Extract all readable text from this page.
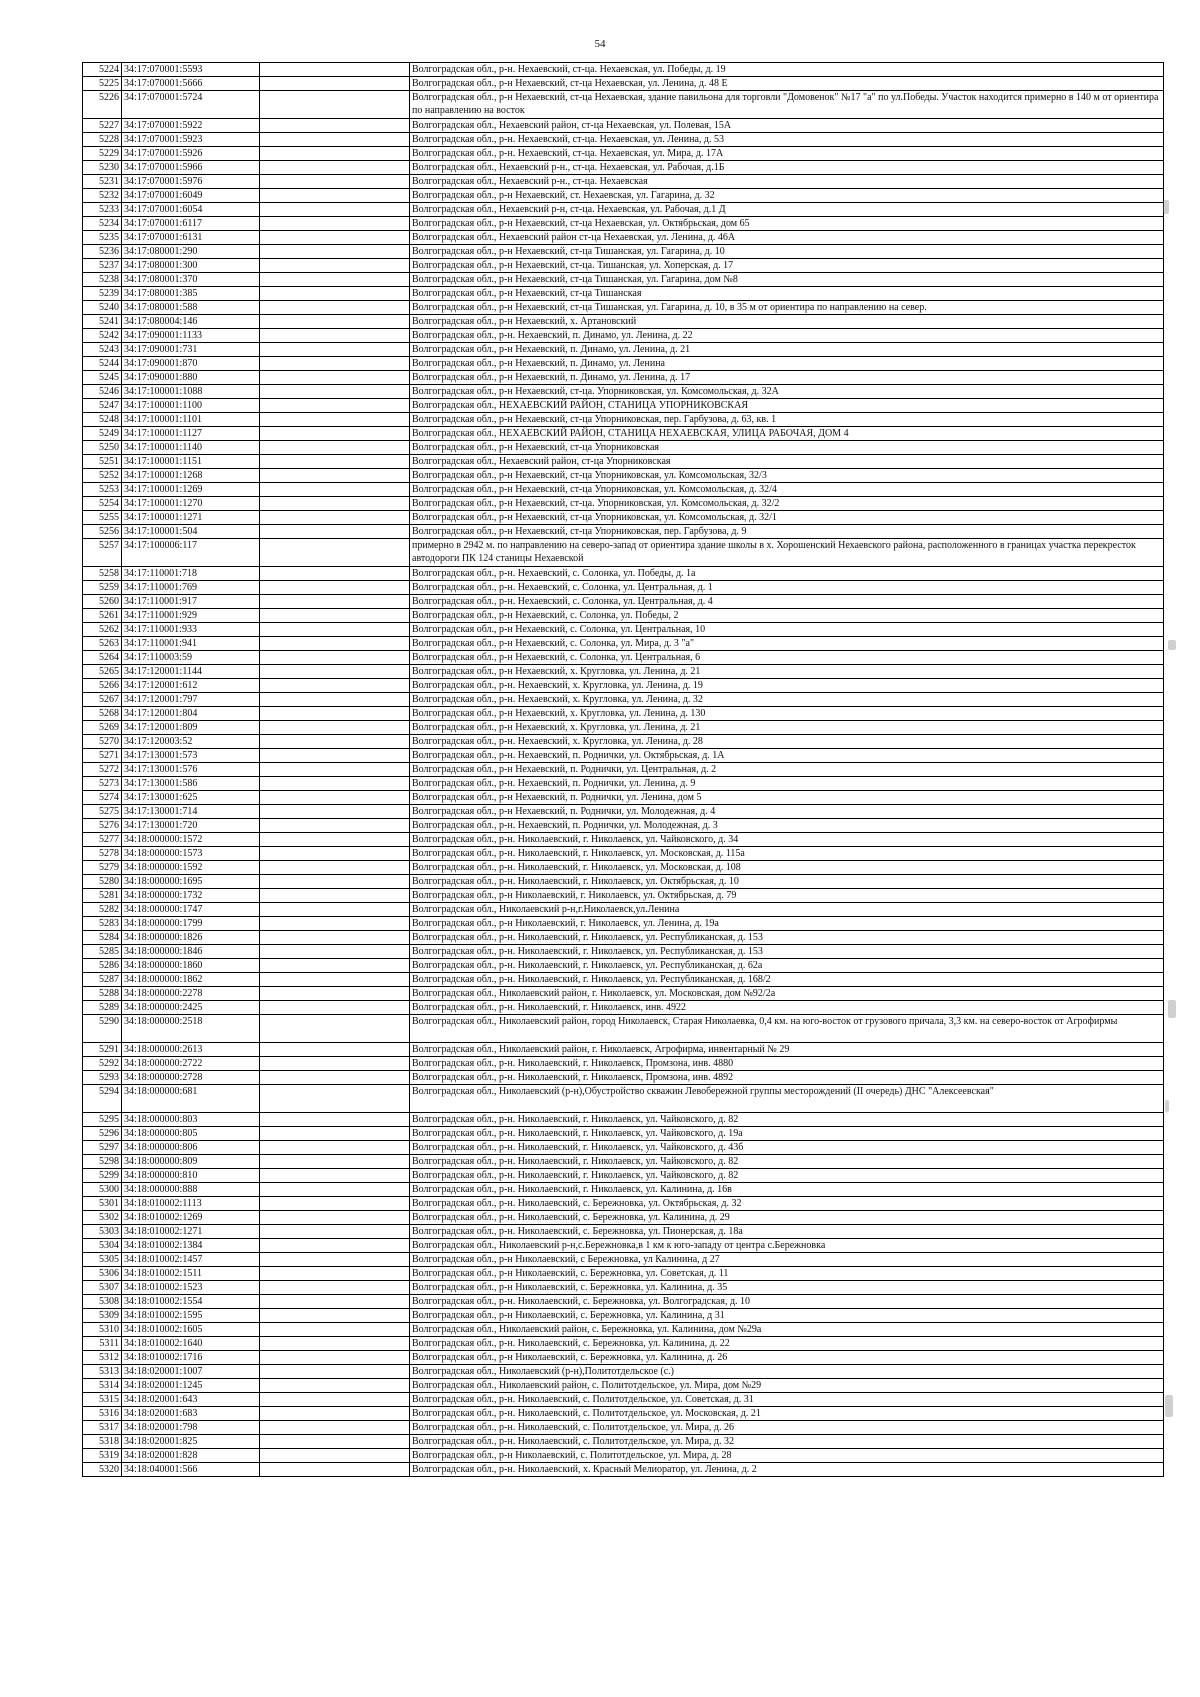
54
5224	34:17:070001:5593		Волгоградская обл., р-н. Нехаевский, ст-ца. Нехаевская, ул. Победы, д. 19
5225	34:17:070001:5666		Волгоградская обл., р-н Нехаевский, ст-ца Нехаевская, ул. Ленина, д. 48 Е
5226	34:17:070001:5724		Волгоградская обл., р-н Нехаевский, ст-ца Нехаевская, здание павильона для торговли "Домовенок" №17 "а" по ул.Победы. Участок находится примерно в 140 м от ориентира по направлению на восток
5227	34:17:070001:5922		Волгоградская обл., Нехаевский район, ст-ца Нехаевская, ул. Полевая, 15А
5228	34:17:070001:5923		Волгоградская обл., р-н. Нехаевский, ст-ца. Нехаевская, ул. Ленина, д. 53
5229	34:17:070001:5926		Волгоградская обл., р-н. Нехаевский, ст-ца. Нехаевская, ул. Мира, д. 17А
5230	34:17:070001:5966		Волгоградская обл., Нехаевский р-н., ст-ца. Нехаевская, ул. Рабочая, д.1Б
5231	34:17:070001:5976		Волгоградская обл., Нехаевский р-н., ст-ца. Нехаевская
5232	34:17:070001:6049		Волгоградская обл., р-н Нехаевский, ст. Нехаевская, ул. Гагарина, д. 32
5233	34:17:070001:6054		Волгоградская обл., Нехаевский р-н, ст-ца. Нехаевская, ул. Рабочая, д.1 Д
5234	34:17:070001:6117		Волгоградская обл., р-н Нехаевский, ст-ца Нехаевская, ул. Октябрьская, дом 65
5235	34:17:070001:6131		Волгоградская обл., Нехаевский район ст-ца Нехаевская, ул. Ленина, д. 46А
5236	34:17:080001:290		Волгоградская обл., р-н Нехаевский, ст-ца Тишанская, ул. Гагарина, д. 10
5237	34:17:080001:300		Волгоградская обл., р-н Нехаевский, ст-ца. Тишанская, ул. Хоперская, д. 17
5238	34:17:080001:370		Волгоградская обл., р-н Нехаевский, ст-ца Тишанская, ул. Гагарина, дом №8
5239	34:17:080001:385		Волгоградская обл., р-н Нехаевский, ст-ца Тишанская
5240	34:17:080001:588		Волгоградская обл., р-н Нехаевский, ст-ца Тишанская, ул. Гагарина, д. 10, в 35 м от ориентира по направлению на север.
5241	34:17:080004:146		Волгоградская обл., р-н Нехаевский, х. Артановский
5242	34:17:090001:1133		Волгоградская обл., р-н. Нехаевский, п. Динамо, ул. Ленина, д. 22
5243	34:17:090001:731		Волгоградская обл., р-н Нехаевский, п. Динамо, ул. Ленина, д. 21
5244	34:17:090001:870		Волгоградская обл., р-н Нехаевский, п. Динамо, ул. Ленина
5245	34:17:090001:880		Волгоградская обл., р-н Нехаевский, п. Динамо, ул. Ленина, д. 17
5246	34:17:100001:1088		Волгоградская обл., р-н Нехаевский, ст-ца. Упорниковская, ул. Комсомольская, д. 32А
5247	34:17:100001:1100		Волгоградская обл., НЕХАЕВСКИЙ РАЙОН, СТАНИЦА УПОРНИКОВСКАЯ
5248	34:17:100001:1101		Волгоградская обл., р-н Нехаевский, ст-ца Упорниковская, пер. Гарбузова, д. 63, кв. 1
5249	34:17:100001:1127		Волгоградская обл., НЕХАЕВСКИЙ РАЙОН, СТАНИЦА НЕХАЕВСКАЯ, УЛИЦА РАБОЧАЯ, ДОМ 4
5250	34:17:100001:1140		Волгоградская обл., р-н Нехаевский, ст-ца Упорниковская
5251	34:17:100001:1151		Волгоградская обл., Нехаевский район, ст-ца Упорниковская
5252	34:17:100001:1268		Волгоградская обл., р-н Нехаевский, ст-ца Упорниковская, ул. Комсомольская, 32/3
5253	34:17:100001:1269		Волгоградская обл., р-н Нехаевский, ст-ца Упорниковская, ул. Комсомольская, д. 32/4
5254	34:17:100001:1270		Волгоградская обл., р-н Нехаевский, ст-ца. Упорниковская, ул. Комсомольская, д. 32/2
5255	34:17:100001:1271		Волгоградская обл., р-н Нехаевский, ст-ца Упорниковская, ул. Комсомольская, д. 32/1
5256	34:17:100001:504		Волгоградская обл., р-н Нехаевский, ст-ца Упорниковская, пер. Гарбузова, д. 9
5257	34:17:100006:117		примерно в 2942 м. по направлению на северо-запад от ориентира здание школы в х. Хорошенский Нехаевского района, расположенного в границах участка перекресток автодороги ПК 124 станицы Нехаевской
5258	34:17:110001:718		Волгоградская обл., р-н. Нехаевский, с. Солонка, ул. Победы, д. 1а
5259	34:17:110001:769		Волгоградская обл., р-н. Нехаевский, с. Солонка, ул. Центральная, д. 1
5260	34:17:110001:917		Волгоградская обл., р-н. Нехаевский, с. Солонка, ул. Центральная, д. 4
5261	34:17:110001:929		Волгоградская обл., р-н Нехаевский, с. Солонка, ул. Победы, 2
5262	34:17:110001:933		Волгоградская обл., р-н Нехаевский, с. Солонка, ул. Центральная, 10
5263	34:17:110001:941		Волгоградская обл., р-н Нехаевский, с. Солонка, ул. Мира, д. 3 "а"
5264	34:17:110003:59		Волгоградская обл., р-н Нехаевский, с. Солонка, ул. Центральная, 6
5265	34:17:120001:1144		Волгоградская обл., р-н Нехаевский, х. Кругловка, ул. Ленина, д. 21
5266	34:17:120001:612		Волгоградская обл., р-н. Нехаевский, х. Кругловка, ул. Ленина, д. 19
5267	34:17:120001:797		Волгоградская обл., р-н. Нехаевский, х. Кругловка, ул. Ленина, д. 32
5268	34:17:120001:804		Волгоградская обл., р-н Нехаевский, х. Кругловка, ул. Ленина, д. 130
5269	34:17:120001:809		Волгоградская обл., р-н Нехаевский, х. Кругловка, ул. Ленина, д. 21
5270	34:17:120003:52		Волгоградская обл., р-н. Нехаевский, х. Кругловка, ул. Ленина, д. 28
5271	34:17:130001:573		Волгоградская обл., р-н. Нехаевский, п. Роднички, ул. Октябрьская, д. 1А
5272	34:17:130001:576		Волгоградская обл., р-н Нехаевский, п. Роднички, ул. Центральная, д. 2
5273	34:17:130001:586		Волгоградская обл., р-н. Нехаевский, п. Роднички, ул. Ленина, д. 9
5274	34:17:130001:625		Волгоградская обл., р-н Нехаевский, п. Роднички, ул. Ленина, дом 5
5275	34:17:130001:714		Волгоградская обл., р-н Нехаевский, п. Роднички, ул. Молодежная, д. 4
5276	34:17:130001:720		Волгоградская обл., р-н. Нехаевский, п. Роднички, ул. Молодежная, д. 3
5277	34:18:000000:1572		Волгоградская обл., р-н. Николаевский, г. Николаевск, ул. Чайковского, д. 34
5278	34:18:000000:1573		Волгоградская обл., р-н. Николаевский, г. Николаевск, ул. Московская, д. 115а
5279	34:18:000000:1592		Волгоградская обл., р-н. Николаевский, г. Николаевск, ул. Московская, д. 108
5280	34:18:000000:1695		Волгоградская обл., р-н. Николаевский, г. Николаевск, ул. Октябрьская, д. 10
5281	34:18:000000:1732		Волгоградская обл., р-н Николаевский, г. Николаевск, ул. Октябрьская, д. 79
5282	34:18:000000:1747		Волгоградская обл., Николаевский р-н,г.Николаевск,ул.Ленина
5283	34:18:000000:1799		Волгоградская обл., р-н Николаевский, г. Николаевск, ул. Ленина, д. 19а
5284	34:18:000000:1826		Волгоградская обл., р-н. Николаевский, г. Николаевск, ул. Республиканская, д. 153
5285	34:18:000000:1846		Волгоградская обл., р-н. Николаевский, г. Николаевск, ул. Республиканская, д. 153
5286	34:18:000000:1860		Волгоградская обл., р-н. Николаевский, г. Николаевск, ул. Республиканская, д. 62а
5287	34:18:000000:1862		Волгоградская обл., р-н. Николаевский, г. Николаевск, ул. Республиканская, д. 168/2
5288	34:18:000000:2278		Волгоградская обл., Николаевский район, г. Николаевск, ул. Московская, дом №92/2а
5289	34:18:000000:2425		Волгоградская обл., р-н. Николаевский, г. Николаевск, инв. 4922
5290	34:18:000000:2518		Волгоградская обл., Николаевский район, город Николаевск, Старая Николаевка, 0,4 км. на юго-восток от грузового причала, 3,3 км. на северо-восток от Агрофирмы
5291	34:18:000000:2613		Волгоградская обл., Николаевский район, г. Николаевск, Агрофирма, инвентарный № 29
5292	34:18:000000:2722		Волгоградская обл., р-н. Николаевский, г. Николаевск, Промзона, инв. 4880
5293	34:18:000000:2728		Волгоградская обл., р-н. Николаевский, г. Николаевск, Промзона, инв. 4892
5294	34:18:000000:681		Волгоградская обл., Николаевский (р-н),Обустройство скважин Левобережной группы месторождений (II очередь) ДНС "Алексеевская"
5295	34:18:000000:803		Волгоградская обл., р-н. Николаевский, г. Николаевск, ул. Чайковского, д. 82
5296	34:18:000000:805		Волгоградская обл., р-н. Николаевский, г. Николаевск, ул. Чайковского, д. 19а
5297	34:18:000000:806		Волгоградская обл., р-н. Николаевский, г. Николаевск, ул. Чайковского, д. 43б
5298	34:18:000000:809		Волгоградская обл., р-н. Николаевский, г. Николаевск, ул. Чайковского, д. 82
5299	34:18:000000:810		Волгоградская обл., р-н. Николаевский, г. Николаевск, ул. Чайковского, д. 82
5300	34:18:000000:888		Волгоградская обл., р-н. Николаевский, г. Николаевск, ул. Калинина, д. 16в
5301	34:18:010002:1113		Волгоградская обл., р-н. Николаевский, с. Бережновка, ул. Октябрьская, д. 32
5302	34:18:010002:1269		Волгоградская обл., р-н. Николаевский, с. Бережновка, ул. Калинина, д. 29
5303	34:18:010002:1271		Волгоградская обл., р-н. Николаевский, с. Бережновка, ул. Пионерская, д. 18а
5304	34:18:010002:1384		Волгоградская обл., Николаевский р-н,с.Бережновка,в 1 км к юго-западу от центра с.Бережновка
5305	34:18:010002:1457		Волгоградская обл., р-н Николаевский, с Бережновка, ул Калинина, д 27
5306	34:18:010002:1511		Волгоградская обл., р-н Николаевский, с. Бережновка, ул. Советская, д. 11
5307	34:18:010002:1523		Волгоградская обл., р-н Николаевский, с. Бережновка, ул. Калинина, д. 35
5308	34:18:010002:1554		Волгоградская обл., р-н. Николаевский, с. Бережновка, ул. Волгоградская, д. 10
5309	34:18:010002:1595		Волгоградская обл., р-н Николаевский, с. Бережновка, ул. Калинина, д 31
5310	34:18:010002:1605		Волгоградская обл., Николаевский район, с. Бережновка, ул. Калинина, дом №29а
5311	34:18:010002:1640		Волгоградская обл., р-н. Николаевский, с. Бережновка, ул. Калинина, д. 22
5312	34:18:010002:1716		Волгоградская обл., р-н Николаевский, с. Бережновка, ул. Калинина, д. 26
5313	34:18:020001:1007		Волгоградская обл., Николаевский (р-н),Политотдельское (с.)
5314	34:18:020001:1245		Волгоградская обл., Николаевский район, с. Политотдельское, ул. Мира, дом №29
5315	34:18:020001:643		Волгоградская обл., р-н. Николаевский, с. Политотдельское, ул. Советская, д. 31
5316	34:18:020001:683		Волгоградская обл., р-н. Николаевский, с. Политотдельское, ул. Московская, д. 21
5317	34:18:020001:798		Волгоградская обл., р-н. Николаевский, с. Политотдельское, ул. Мира, д. 26
5318	34:18:020001:825		Волгоградская обл., р-н. Николаевский, с. Политотдельское, ул. Мира, д. 32
5319	34:18:020001:828		Волгоградская обл., р-н Николаевский, с. Политотдельское, ул. Мира, д. 28
5320	34:18:040001:566		Волгоградская обл., р-н. Николаевский, х. Красный Мелиоратор, ул. Ленина, д. 2
